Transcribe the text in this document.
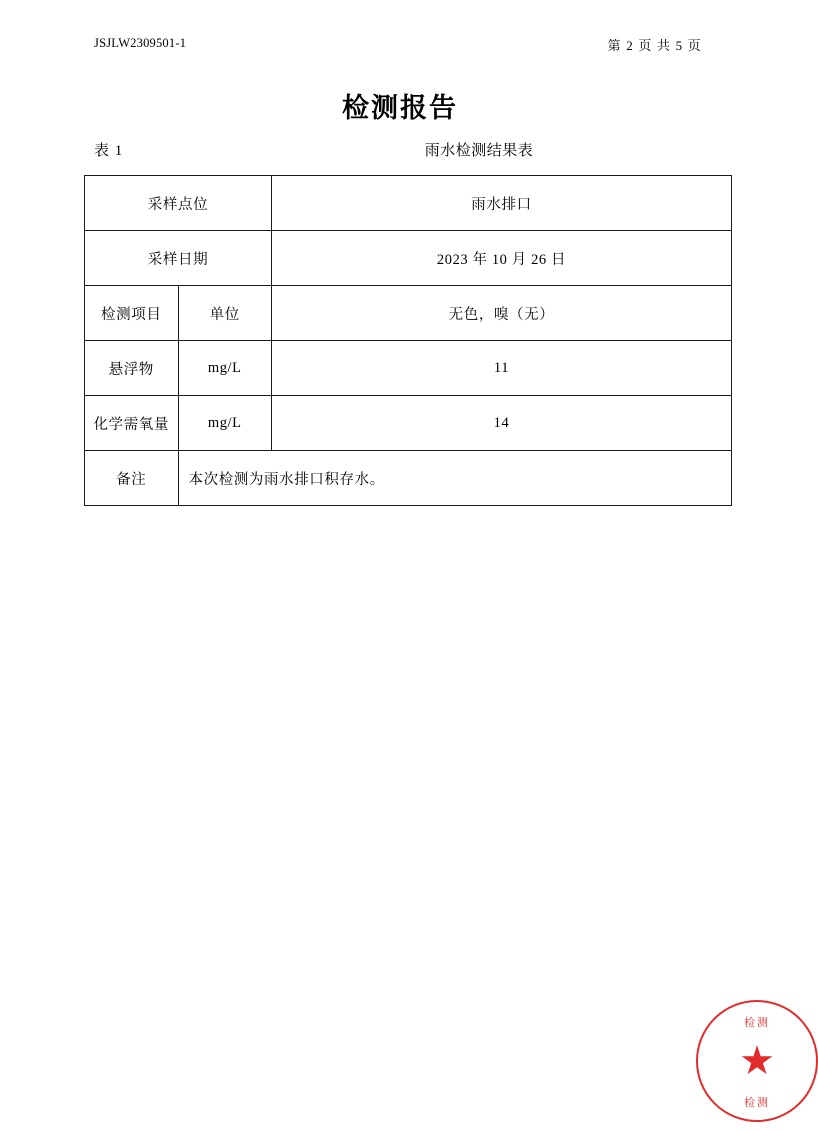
JSJLW2309501-1	第 2 页 共 5 页
检测报告
表 1	雨水检测结果表
采样点位		雨水排口
采样日期		2023 年 10 月 26 日
检测项目	单位	无色，嗅（无）
悬浮物	mg/L	11
化学需氧量	mg/L	14
备注	本次检测为雨水排口积存水。	
检测
★
检测
